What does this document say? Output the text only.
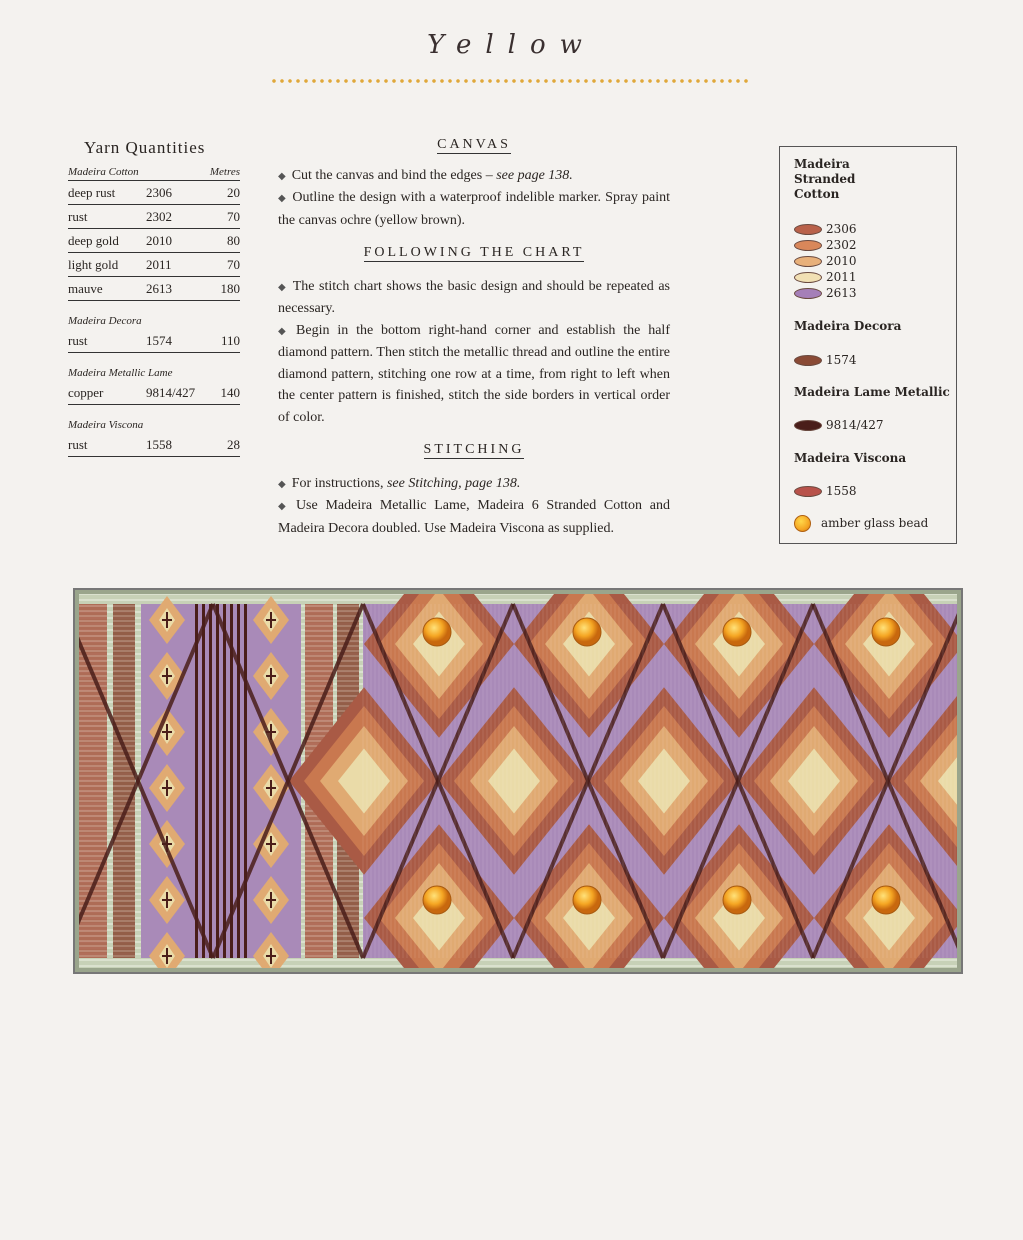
Yellow
Yarn Quantities
Madeira Cotton	Metres
deep rust	2306	20
rust	2302	70
deep gold	2010	80
light gold	2011	70
mauve	2613	180
Madeira Decora
rust	1574	110
Madeira Metallic Lame
copper	9814/427	140
Madeira Viscona
rust	1558	28
CANVAS

◆ Cut the canvas and bind the edges – see page 138.

◆ Outline the design with a waterproof indelible marker. Spray paint the canvas ochre (yellow brown).

FOLLOWING THE CHART

◆ The stitch chart shows the basic design and should be repeated as necessary.

◆ Begin in the bottom right-hand corner and establish the half diamond pattern. Then stitch the metallic thread and outline the entire diamond pattern, stitching one row at a time, from right to left when the center pattern is finished, stitch the side borders in vertical order of color.

STITCHING

◆ For instructions, see Stitching, page 138.

◆ Use Madeira Metallic Lame, Madeira 6 Stranded Cotton and Madeira Decora doubled. Use Madeira Viscona as supplied.

Madeira Stranded Cotton
2306
2302
2010
2011
2613
Madeira Decora
1574
Madeira Lame Metallic
9814/427
Madeira Viscona
1558
amber glass bead
